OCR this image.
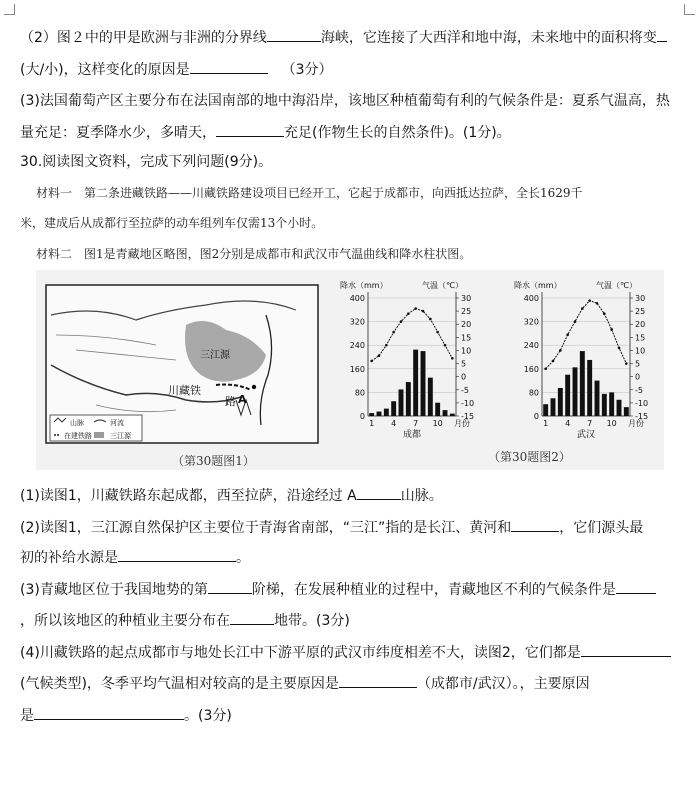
（2）图２中的甲是欧洲与非洲的分界线	海峡，它连接了大西洋和地中海，未来地中的面积将变
(大/小)，这样变化的原因是	（3分）
(3)法国葡萄产区主要分布在法国南部的地中海沿岸，该地区种植葡萄有利的气候条件是：夏系气温高，热
量充足：夏季降水少，多晴天，	充足(作物生长的自然条件)。(1分)。
30.阅读图文资料，完成下列问题(9分)。
材料一　第二条进藏铁路——川藏铁路建设项目已经开工，它起于成都市，向西抵达拉萨，全长1629千
米，建成后从成都行至拉萨的动车组列车仅需13个小时。
材料二　图1是青藏地区略图，图2分别是成都市和武汉市气温曲线和降水柱状图。
三江源
川藏铁
路 A
山脉	河流
在建铁路	三江源
（第30题图1）
降水（mm）	气温（℃）
400
320
240
160
80
0
30
25
20
15
10
5
0
-5
-10
-15
1 4 7 10 月份
成都
降水（mm）	气温（℃）
400
320
240
160
80
0
30
25
20
15
10
5
0
-5
-10
-15
1 4 7 10 月份
武汉
（第30题图2）
(1)读图1，川藏铁路东起成都，西至拉萨，沿途经过 A	山脉。
(2)读图1，三江源自然保护区主要位于青海省南部，“三江”指的是长江、黄河和	，它们源头最
初的补给水源是	。
(3)青藏地区位于我国地势的第	阶梯，在发展种植业的过程中，青藏地区不利的气候条件是
，所以该地区的种植业主要分布在	地带。(3分)
(4)川藏铁路的起点成都市与地处长江中下游平原的武汉市纬度相差不大，读图2，它们都是
(气候类型)，冬季平均气温相对较高的是主要原因是	（成都市/武汉）。，主要原因
是	。(3分)
